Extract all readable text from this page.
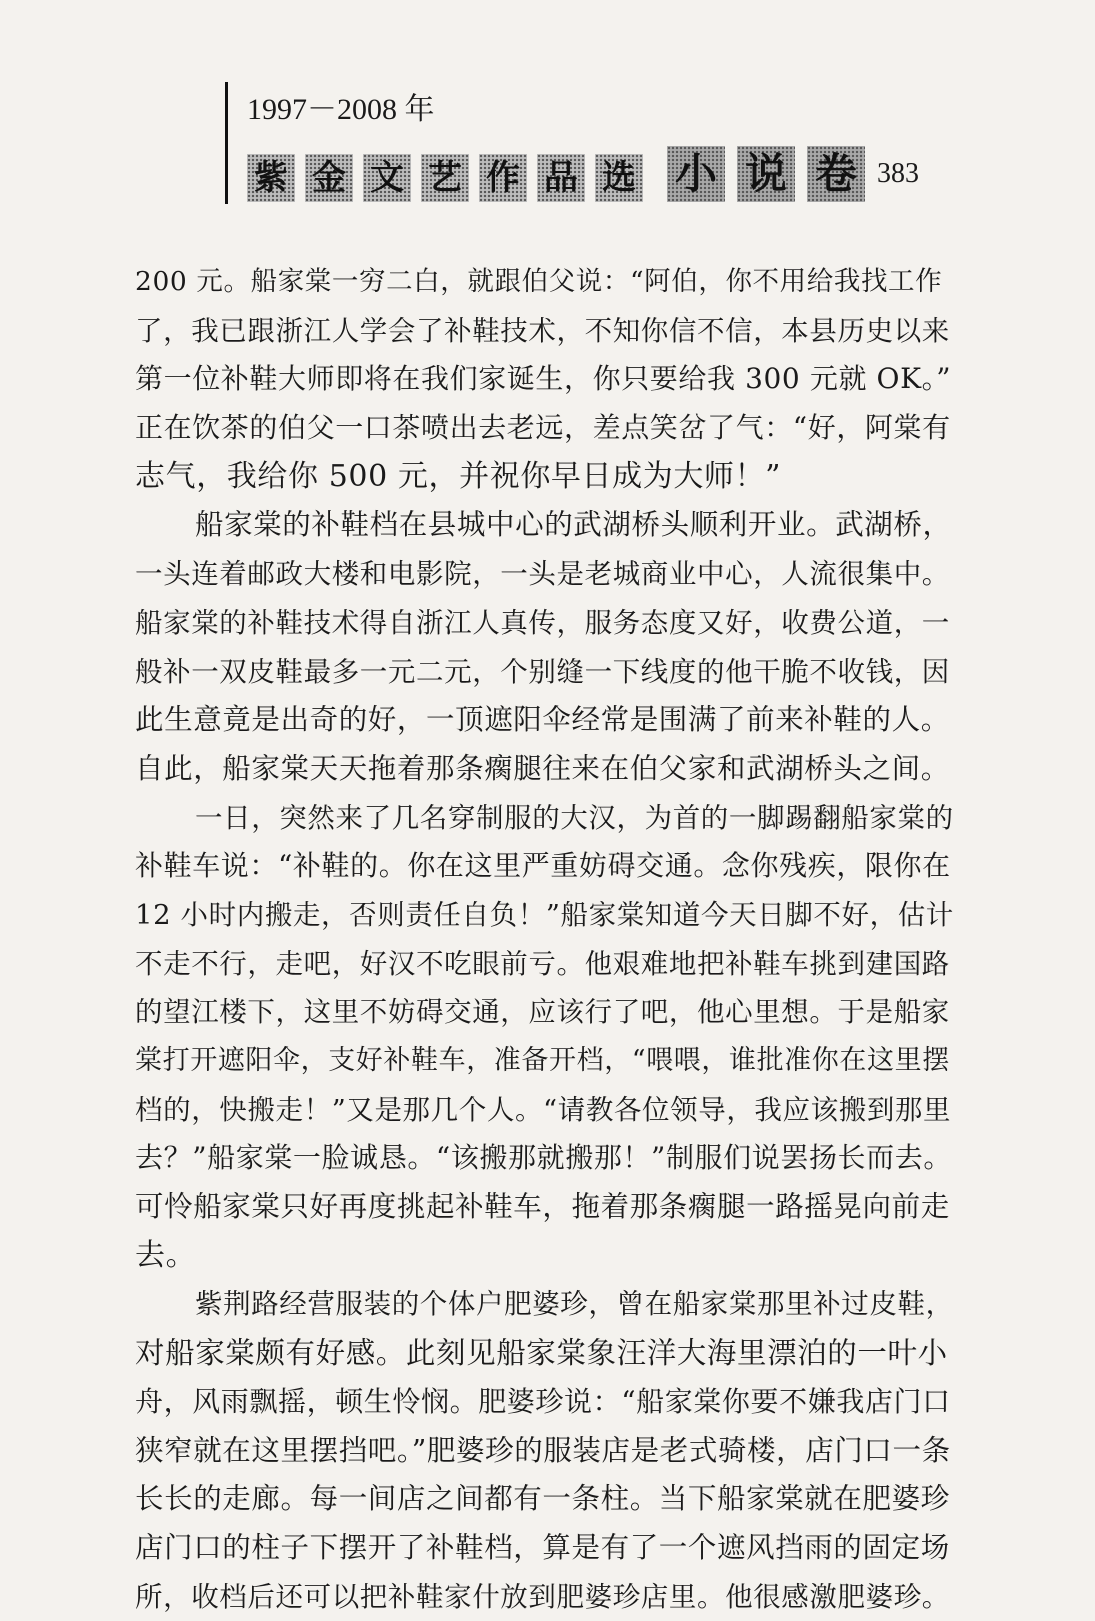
1997－2008 年
紫 金 文 艺 作 品 选 小 说 卷 383
200 元。船家棠一穷二白，就跟伯父说：“阿伯，你不用给我找工作
了，我已跟浙江人学会了补鞋技术，不知你信不信，本县历史以来
第一位补鞋大师即将在我们家诞生，你只要给我 300 元就 OK。”
正在饮茶的伯父一口茶喷出去老远，差点笑岔了气：“好，阿棠有
志气，我给你 500 元，并祝你早日成为大师！”
船家棠的补鞋档在县城中心的武湖桥头顺利开业。武湖桥，
一头连着邮政大楼和电影院，一头是老城商业中心，人流很集中。
船家棠的补鞋技术得自浙江人真传，服务态度又好，收费公道，一
般补一双皮鞋最多一元二元，个别缝一下线度的他干脆不收钱，因
此生意竟是出奇的好，一顶遮阳伞经常是围满了前来补鞋的人。
自此，船家棠天天拖着那条瘸腿往来在伯父家和武湖桥头之间。
一日，突然来了几名穿制服的大汉，为首的一脚踢翻船家棠的
补鞋车说：“补鞋的。你在这里严重妨碍交通。念你残疾，限你在
12 小时内搬走，否则责任自负！”船家棠知道今天日脚不好，估计
不走不行，走吧，好汉不吃眼前亏。他艰难地把补鞋车挑到建国路
的望江楼下，这里不妨碍交通，应该行了吧，他心里想。于是船家
棠打开遮阳伞，支好补鞋车，准备开档，“喂喂，谁批准你在这里摆
档的，快搬走！”又是那几个人。“请教各位领导，我应该搬到那里
去？”船家棠一脸诚恳。“该搬那就搬那！”制服们说罢扬长而去。
可怜船家棠只好再度挑起补鞋车，拖着那条瘸腿一路摇晃向前走
去。
紫荆路经营服装的个体户肥婆珍，曾在船家棠那里补过皮鞋，
对船家棠颇有好感。此刻见船家棠象汪洋大海里漂泊的一叶小
舟，风雨飘摇，顿生怜悯。肥婆珍说：“船家棠你要不嫌我店门口
狭窄就在这里摆挡吧。”肥婆珍的服装店是老式骑楼，店门口一条
长长的走廊。每一间店之间都有一条柱。当下船家棠就在肥婆珍
店门口的柱子下摆开了补鞋档，算是有了一个遮风挡雨的固定场
所，收档后还可以把补鞋家什放到肥婆珍店里。他很感激肥婆珍。
